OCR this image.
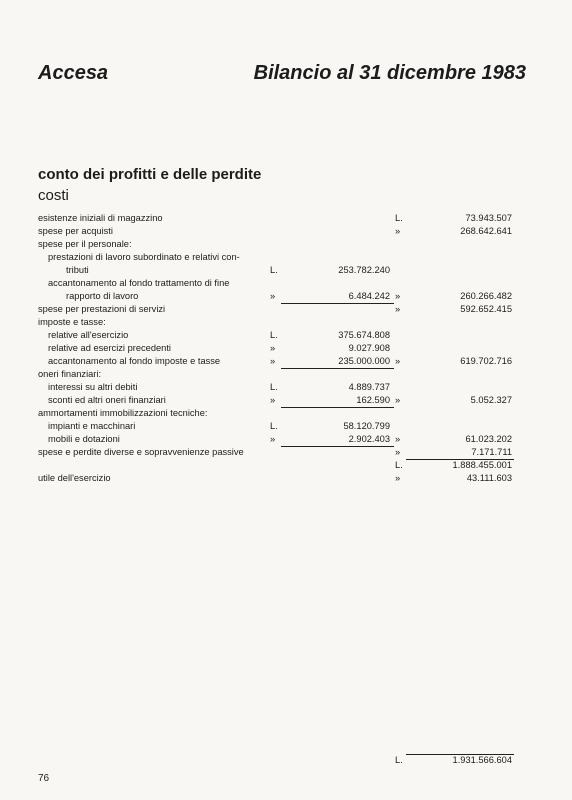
Accesa	Bilancio al 31 dicembre 1983
conto dei profitti e delle perdite
costi
esistenze iniziali di magazzino	L.	73.943.507
spese per acquisti	»	268.642.641
spese per il personale:
prestazioni di lavoro subordinato e relativi con-
tributi	L.	253.782.240
accantonamento al fondo trattamento di fine
rapporto di lavoro	»	6.484.242 »	260.266.482
spese per prestazioni di servizi	»	592.652.415
imposte e tasse:
relative all'esercizio	L.	375.674.808
relative ad esercizi precedenti	»	9.027.908
accantonamento al fondo imposte e tasse	»	235.000.000 »	619.702.716
oneri finanziari:
interessi su altri debiti	L.	4.889.737
sconti ed altri oneri finanziari	»	162.590 »	5.052.327
ammortamenti immobilizzazioni tecniche:
impianti e macchinari	L.	58.120.799
mobili e dotazioni	»	2.902.403 »	61.023.202
spese e perdite diverse e sopravvenienze passive	»	7.171.711
L.	1.888.455.001
utile dell'esercizio	»	43.111.603
L.	1.931.566.604
76
